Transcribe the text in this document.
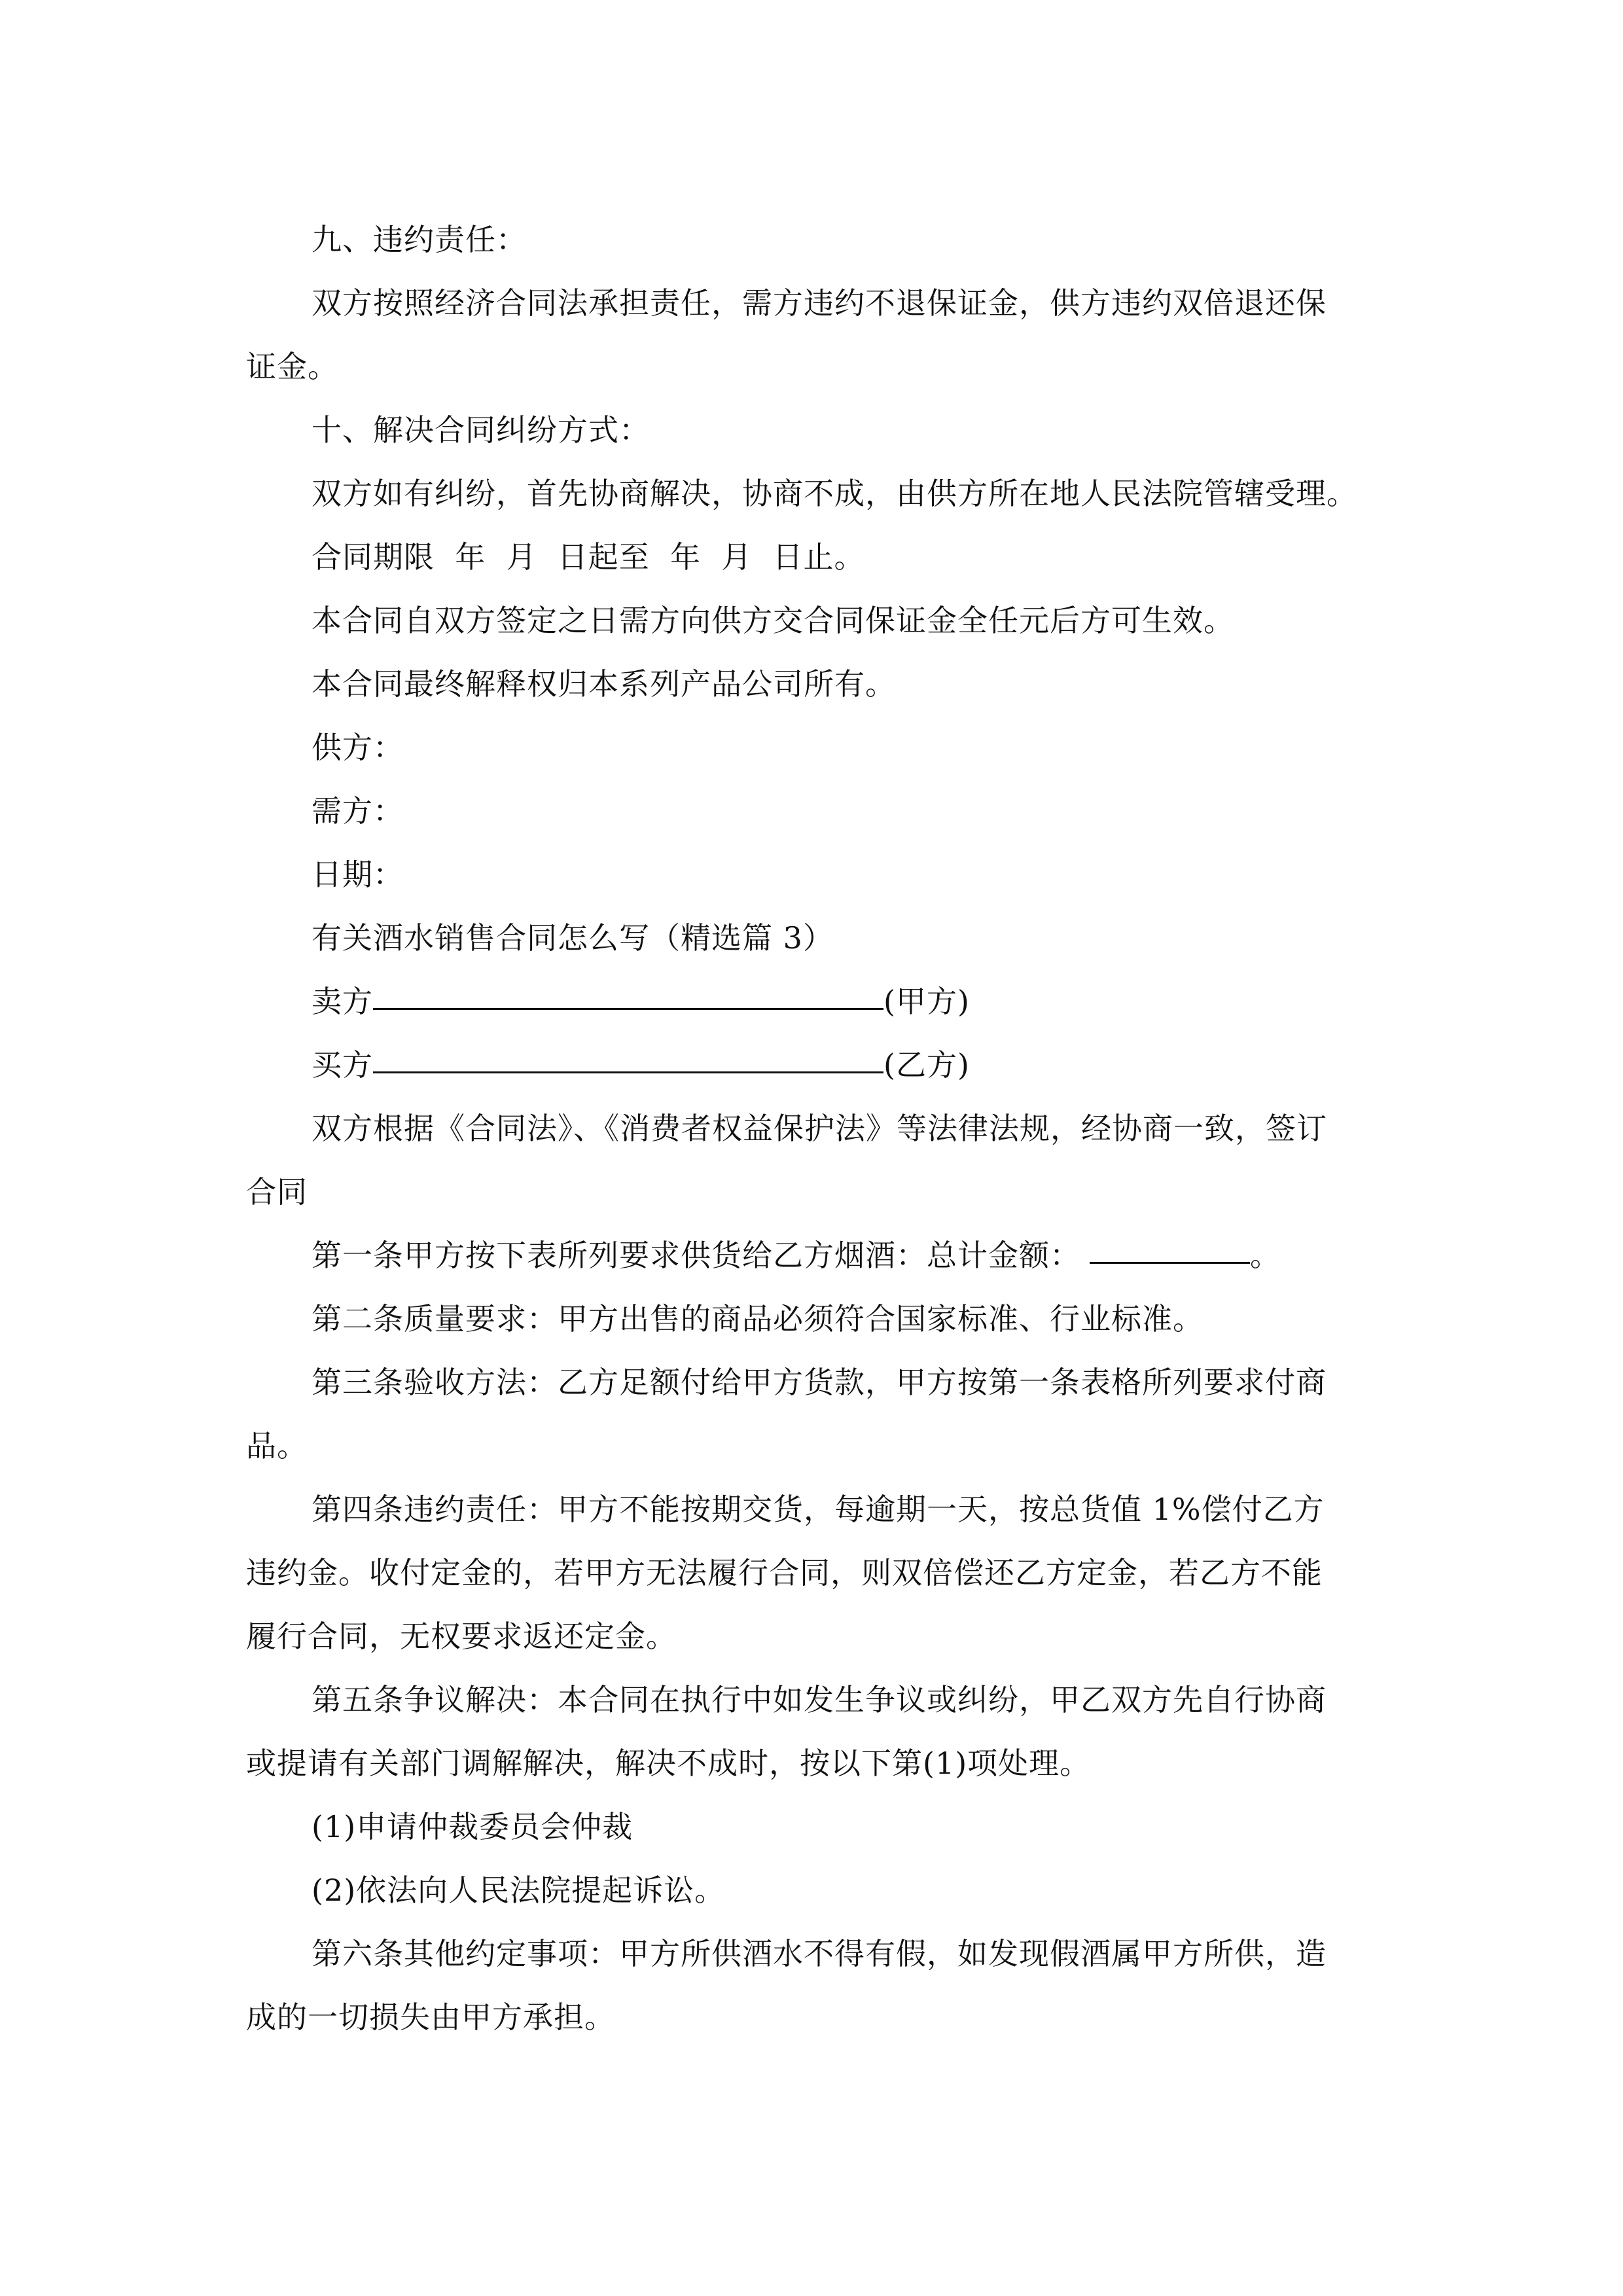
九、违约责任：
双方按照经济合同法承担责任，需方违约不退保证金，供方违约双倍退还保
证金。
十、解决合同纠纷方式：
双方如有纠纷，首先协商解决，协商不成，由供方所在地人民法院管辖受理。
合同期限  年  月  日起至  年  月  日止。
本合同自双方签定之日需方向供方交合同保证金全任元后方可生效。
本合同最终解释权归本系列产品公司所有。
供方：
需方：
日期：
有关酒水销售合同怎么写（精选篇 3）
卖方	(甲方)
买方	(乙方)
双方根据《合同法》、《消费者权益保护法》等法律法规，经协商一致，签订
合同
第一条甲方按下表所列要求供货给乙方烟酒：总计金额：	。
第二条质量要求：甲方出售的商品必须符合国家标准、行业标准。
第三条验收方法：乙方足额付给甲方货款，甲方按第一条表格所列要求付商
品。
第四条违约责任：甲方不能按期交货，每逾期一天，按总货值 1%偿付乙方
违约金。收付定金的，若甲方无法履行合同，则双倍偿还乙方定金，若乙方不能
履行合同，无权要求返还定金。
第五条争议解决：本合同在执行中如发生争议或纠纷，甲乙双方先自行协商
或提请有关部门调解解决，解决不成时，按以下第(1)项处理。
(1)申请仲裁委员会仲裁
(2)依法向人民法院提起诉讼。
第六条其他约定事项：甲方所供酒水不得有假，如发现假酒属甲方所供，造
成的一切损失由甲方承担。
